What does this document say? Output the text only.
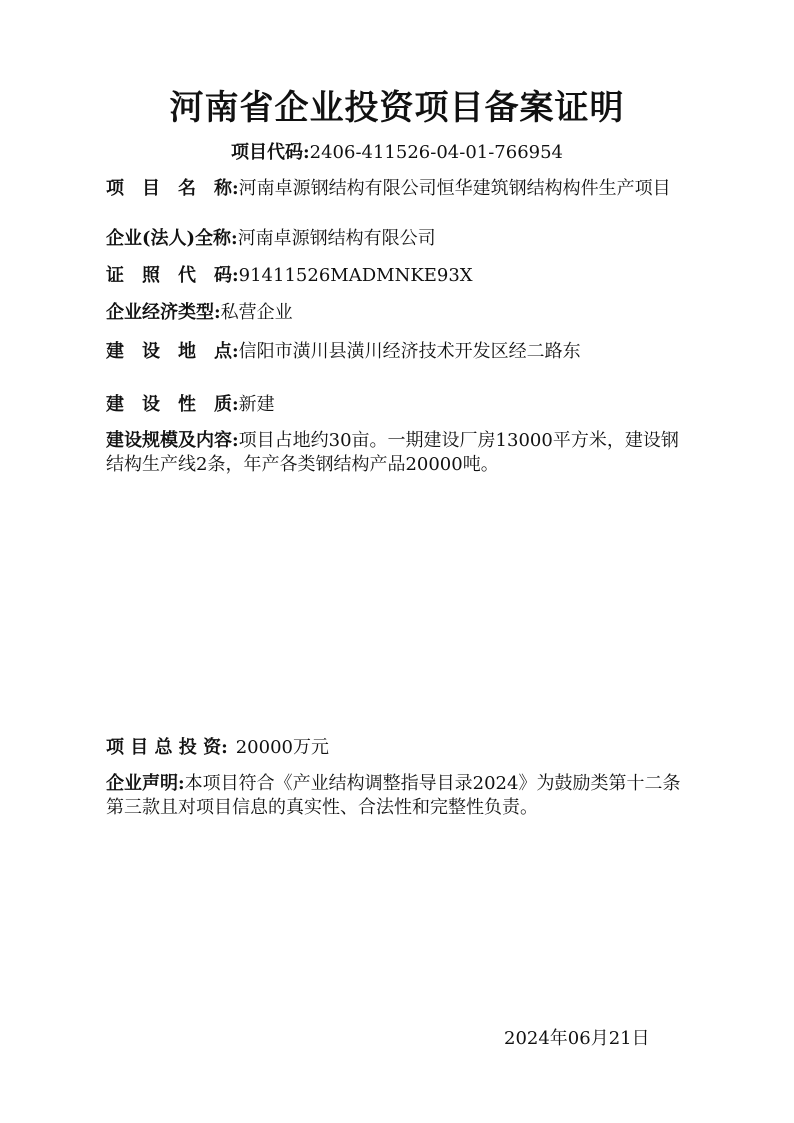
河南省企业投资项目备案证明
项目代码:2406-411526-04-01-766954
项　目　名　称: 河南卓源钢结构有限公司恒华建筑钢结构构件生产项目
企业(法人)全称: 河南卓源钢结构有限公司
证　照　代　码: 91411526MADMNKE93X
企业经济类型: 私营企业
建　设　地　点: 信阳市潢川县潢川经济技术开发区经二路东
建　设　性　质: 新建
建设规模及内容:项目占地约30亩。一期建设厂房13000平方米，建设钢结构生产线2条，年产各类钢结构产品20000吨。
项 目 总 投 资: 20000万元
企业声明:本项目符合《产业结构调整指导目录2024》为鼓励类第十二条第三款且对项目信息的真实性、合法性和完整性负责。
2024年06月21日
